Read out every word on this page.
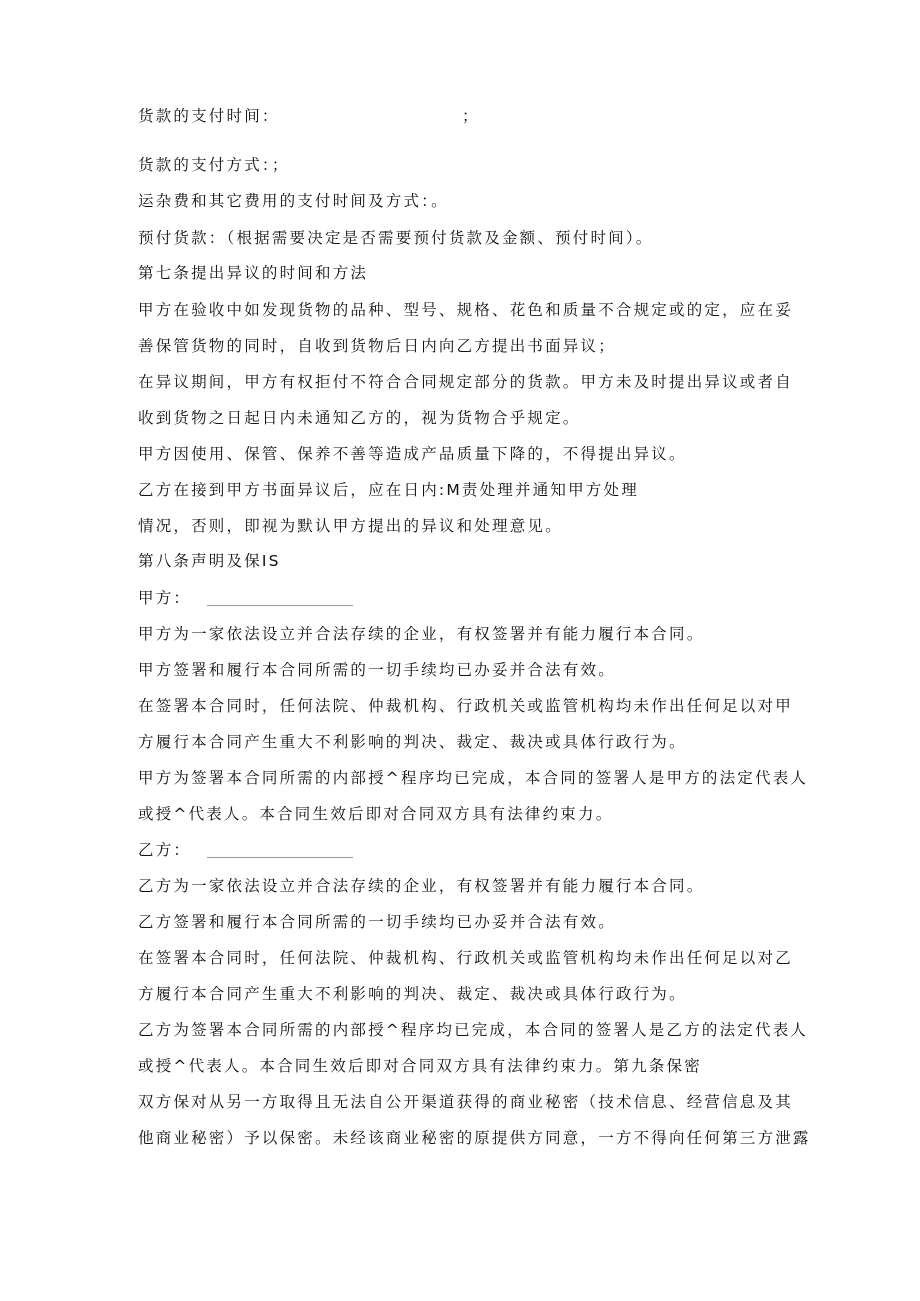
货款的支付时间：	；
货款的支付方式：；
运杂费和其它费用的支付时间及方式：。
预付货款：（根据需要决定是否需要预付货款及金额、预付时间）。
第七条提出异议的时间和方法
甲方在验收中如发现货物的品种、型号、规格、花色和质量不合规定或的定，应在妥
善保管货物的同时，自收到货物后日内向乙方提出书面异议；
在异议期间，甲方有权拒付不符合合同规定部分的货款。甲方未及时提出异议或者自
收到货物之日起日内未通知乙方的，视为货物合乎规定。
甲方因使用、保管、保养不善等造成产品质量下降的，不得提出异议。
乙方在接到甲方书面异议后，应在日内:M责处理并通知甲方处理
情况，否则，即视为默认甲方提出的异议和处理意见。
第八条声明及保IS
甲方：
甲方为一家依法设立并合法存续的企业，有权签署并有能力履行本合同。
甲方签署和履行本合同所需的一切手续均已办妥并合法有效。
在签署本合同时，任何法院、仲裁机构、行政机关或监管机构均未作出任何足以对甲
方履行本合同产生重大不利影响的判决、裁定、裁决或具体行政行为。
甲方为签署本合同所需的内部授^程序均已完成，本合同的签署人是甲方的法定代表人
或授^代表人。本合同生效后即对合同双方具有法律约束力。
乙方：
乙方为一家依法设立并合法存续的企业，有权签署并有能力履行本合同。
乙方签署和履行本合同所需的一切手续均已办妥并合法有效。
在签署本合同时，任何法院、仲裁机构、行政机关或监管机构均未作出任何足以对乙
方履行本合同产生重大不利影响的判决、裁定、裁决或具体行政行为。
乙方为签署本合同所需的内部授^程序均已完成，本合同的签署人是乙方的法定代表人
或授^代表人。本合同生效后即对合同双方具有法律约束力。第九条保密
双方保对从另一方取得且无法自公开渠道获得的商业秘密（技术信息、经营信息及其
他商业秘密）予以保密。未经该商业秘密的原提供方同意，一方不得向任何第三方泄露
